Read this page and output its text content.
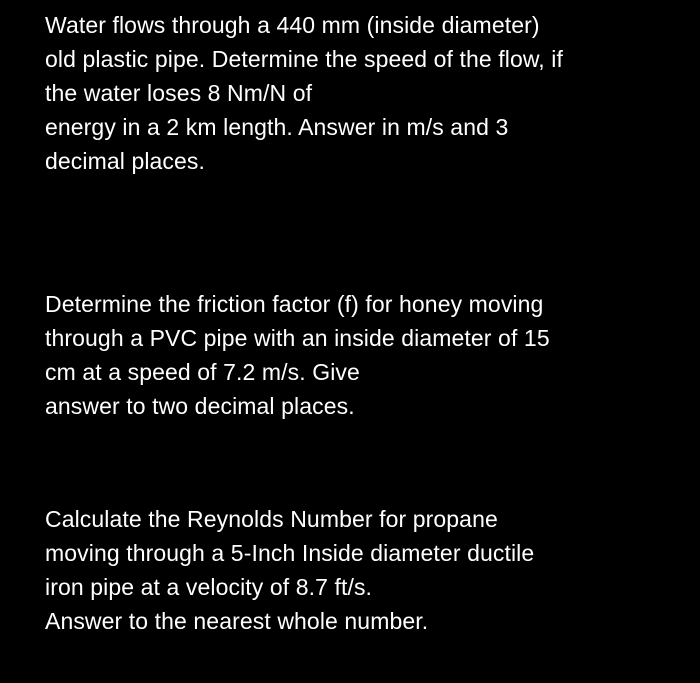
Water flows through a 440 mm (inside diameter)
old plastic pipe. Determine the speed of the flow, if
the water loses 8 Nm/N of
energy in a 2 km length. Answer in m/s and 3
decimal places.
Determine the friction factor (f) for honey moving
through a PVC pipe with an inside diameter of 15
cm at a speed of 7.2 m/s. Give
answer to two decimal places.
Calculate the Reynolds Number for propane
moving through a 5-Inch Inside diameter ductile
iron pipe at a velocity of 8.7 ft/s.
Answer to the nearest whole number.
